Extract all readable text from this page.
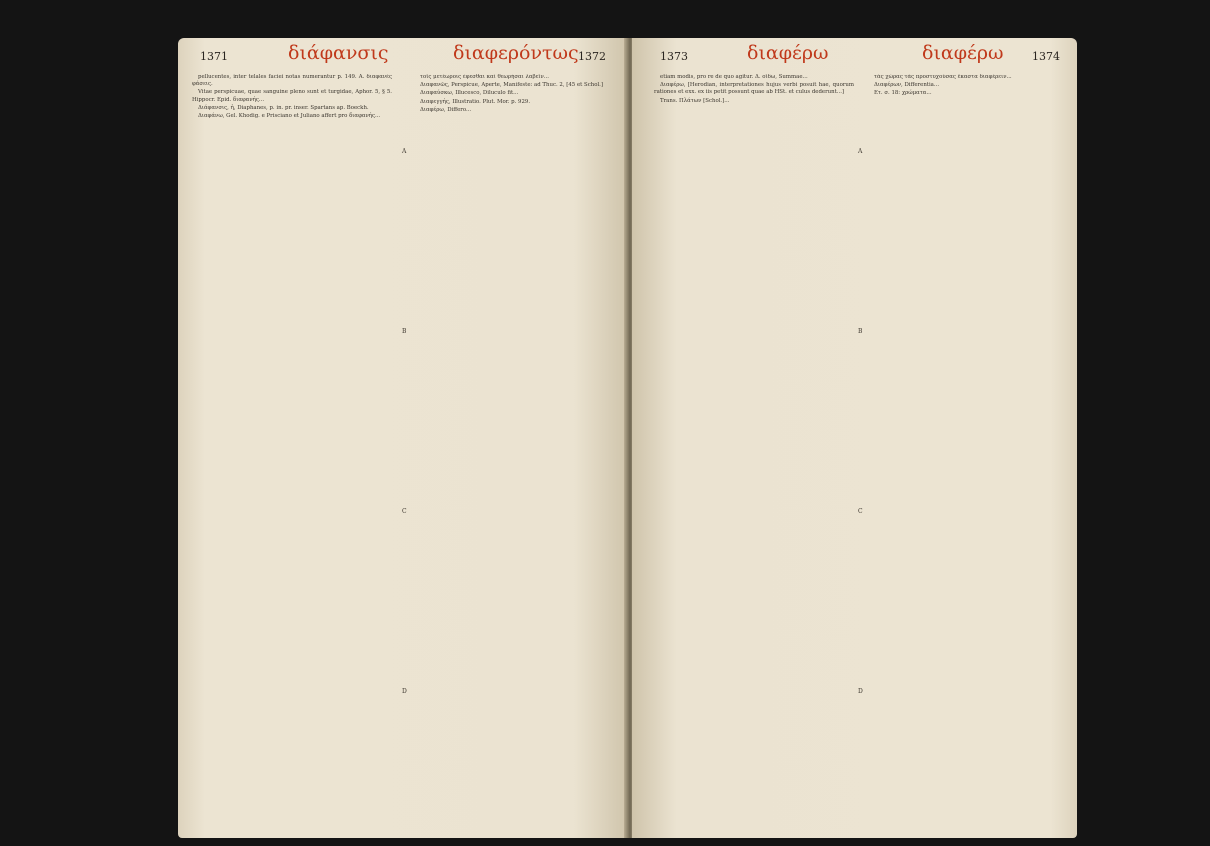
1371	διάφανσις	διαφερόντως 1372

pellucentes, inter telales faciei notas numerantur p. 149. A. διαφανές φάσεις.

Vitae perspicuae, quae sanguine pleno sunt et turgidae, Aphor. 5, § 5. Hippocr. Epid. διαφανής...

Διάφανσις, ἡ, Diaphanes, p. in. pr. inser. Spartans ap. Boeckh.

Διαφάνω, Gel. Khodig. e Prisciano et Juliano affert pro διαφανής...

τοῖς μετέωροις ἐφεσθαι καὶ θεωρήσαι λαβεῖν...

Διαφανῶς, Perspicue, Aperte, Manifeste: ad Thuc. 2, [45 et Schol.]

Διαφαύσκω, Illucesco, Diluculo fit...

Διαφεγγής, Illustratio. Plut. Mor. p. 929.

Διαφέρω, Differo...

A
B
C
D
1373	διαφέρω	διαφέρω	1374

etiam modis, pro re de quo agitur. Δ. οἴδω, Summae...

Διαφέρω, [Herodian, interpretationes hujus verbi posuit hae, quorum rationes et exx. ex iis petit possunt quae ab HSt. et culus dederunt...]

Trans. Πλάτων [Schol.]...

τὰς χώρας τὰς προστυχούσας ἔκαστα διαφέρειν...

Διαφέρων, Differentia...

Ετ. σ. 18: χρώματα...

A
B
C
D
